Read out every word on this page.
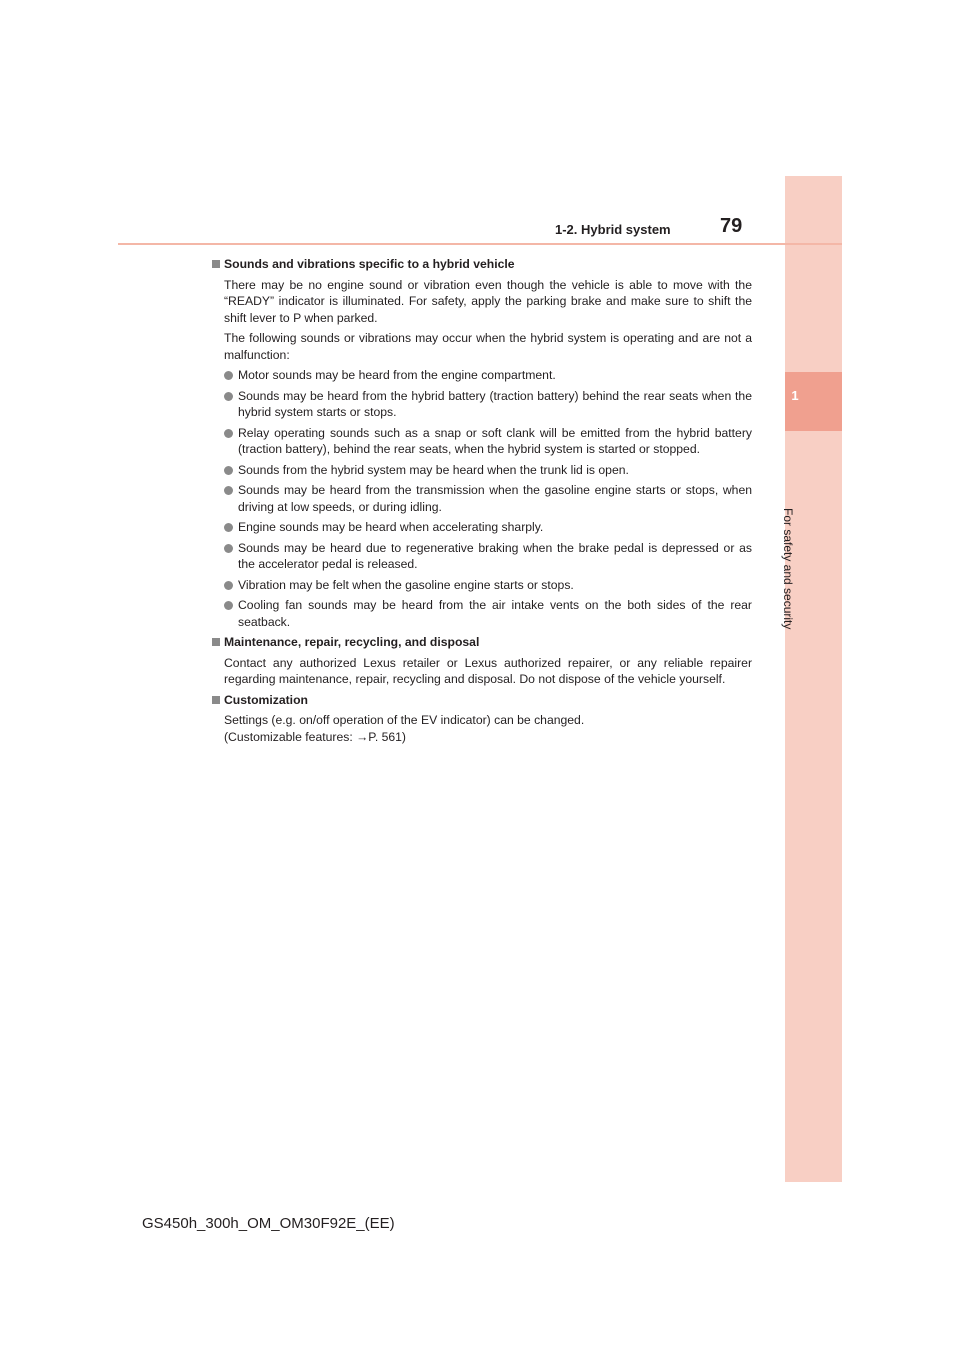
1
For safety and security
1-2. Hybrid system 79
Sounds and vibrations specific to a hybrid vehicle

There may be no engine sound or vibration even though the vehicle is able to move with the “READY” indicator is illuminated. For safety, apply the parking brake and make sure to shift the shift lever to P when parked.

The following sounds or vibrations may occur when the hybrid system is operating and are not a malfunction:

Motor sounds may be heard from the engine compartment.
Sounds may be heard from the hybrid battery (traction battery) behind the rear seats when the hybrid system starts or stops.
Relay operating sounds such as a snap or soft clank will be emitted from the hybrid battery (traction battery), behind the rear seats, when the hybrid system is started or stopped.
Sounds from the hybrid system may be heard when the trunk lid is open.
Sounds may be heard from the transmission when the gasoline engine starts or stops, when driving at low speeds, or during idling.
Engine sounds may be heard when accelerating sharply.
Sounds may be heard due to regenerative braking when the brake pedal is depressed or as the accelerator pedal is released.
Vibration may be felt when the gasoline engine starts or stops.
Cooling fan sounds may be heard from the air intake vents on the both sides of the rear seatback.
Maintenance, repair, recycling, and disposal

Contact any authorized Lexus retailer or Lexus authorized repairer, or any reliable repairer regarding maintenance, repair, recycling and disposal. Do not dispose of the vehicle yourself.

Customization

Settings (e.g. on/off operation of the EV indicator) can be changed.

(Customizable features: →P. 561)

GS450h_300h_OM_OM30F92E_(EE)
